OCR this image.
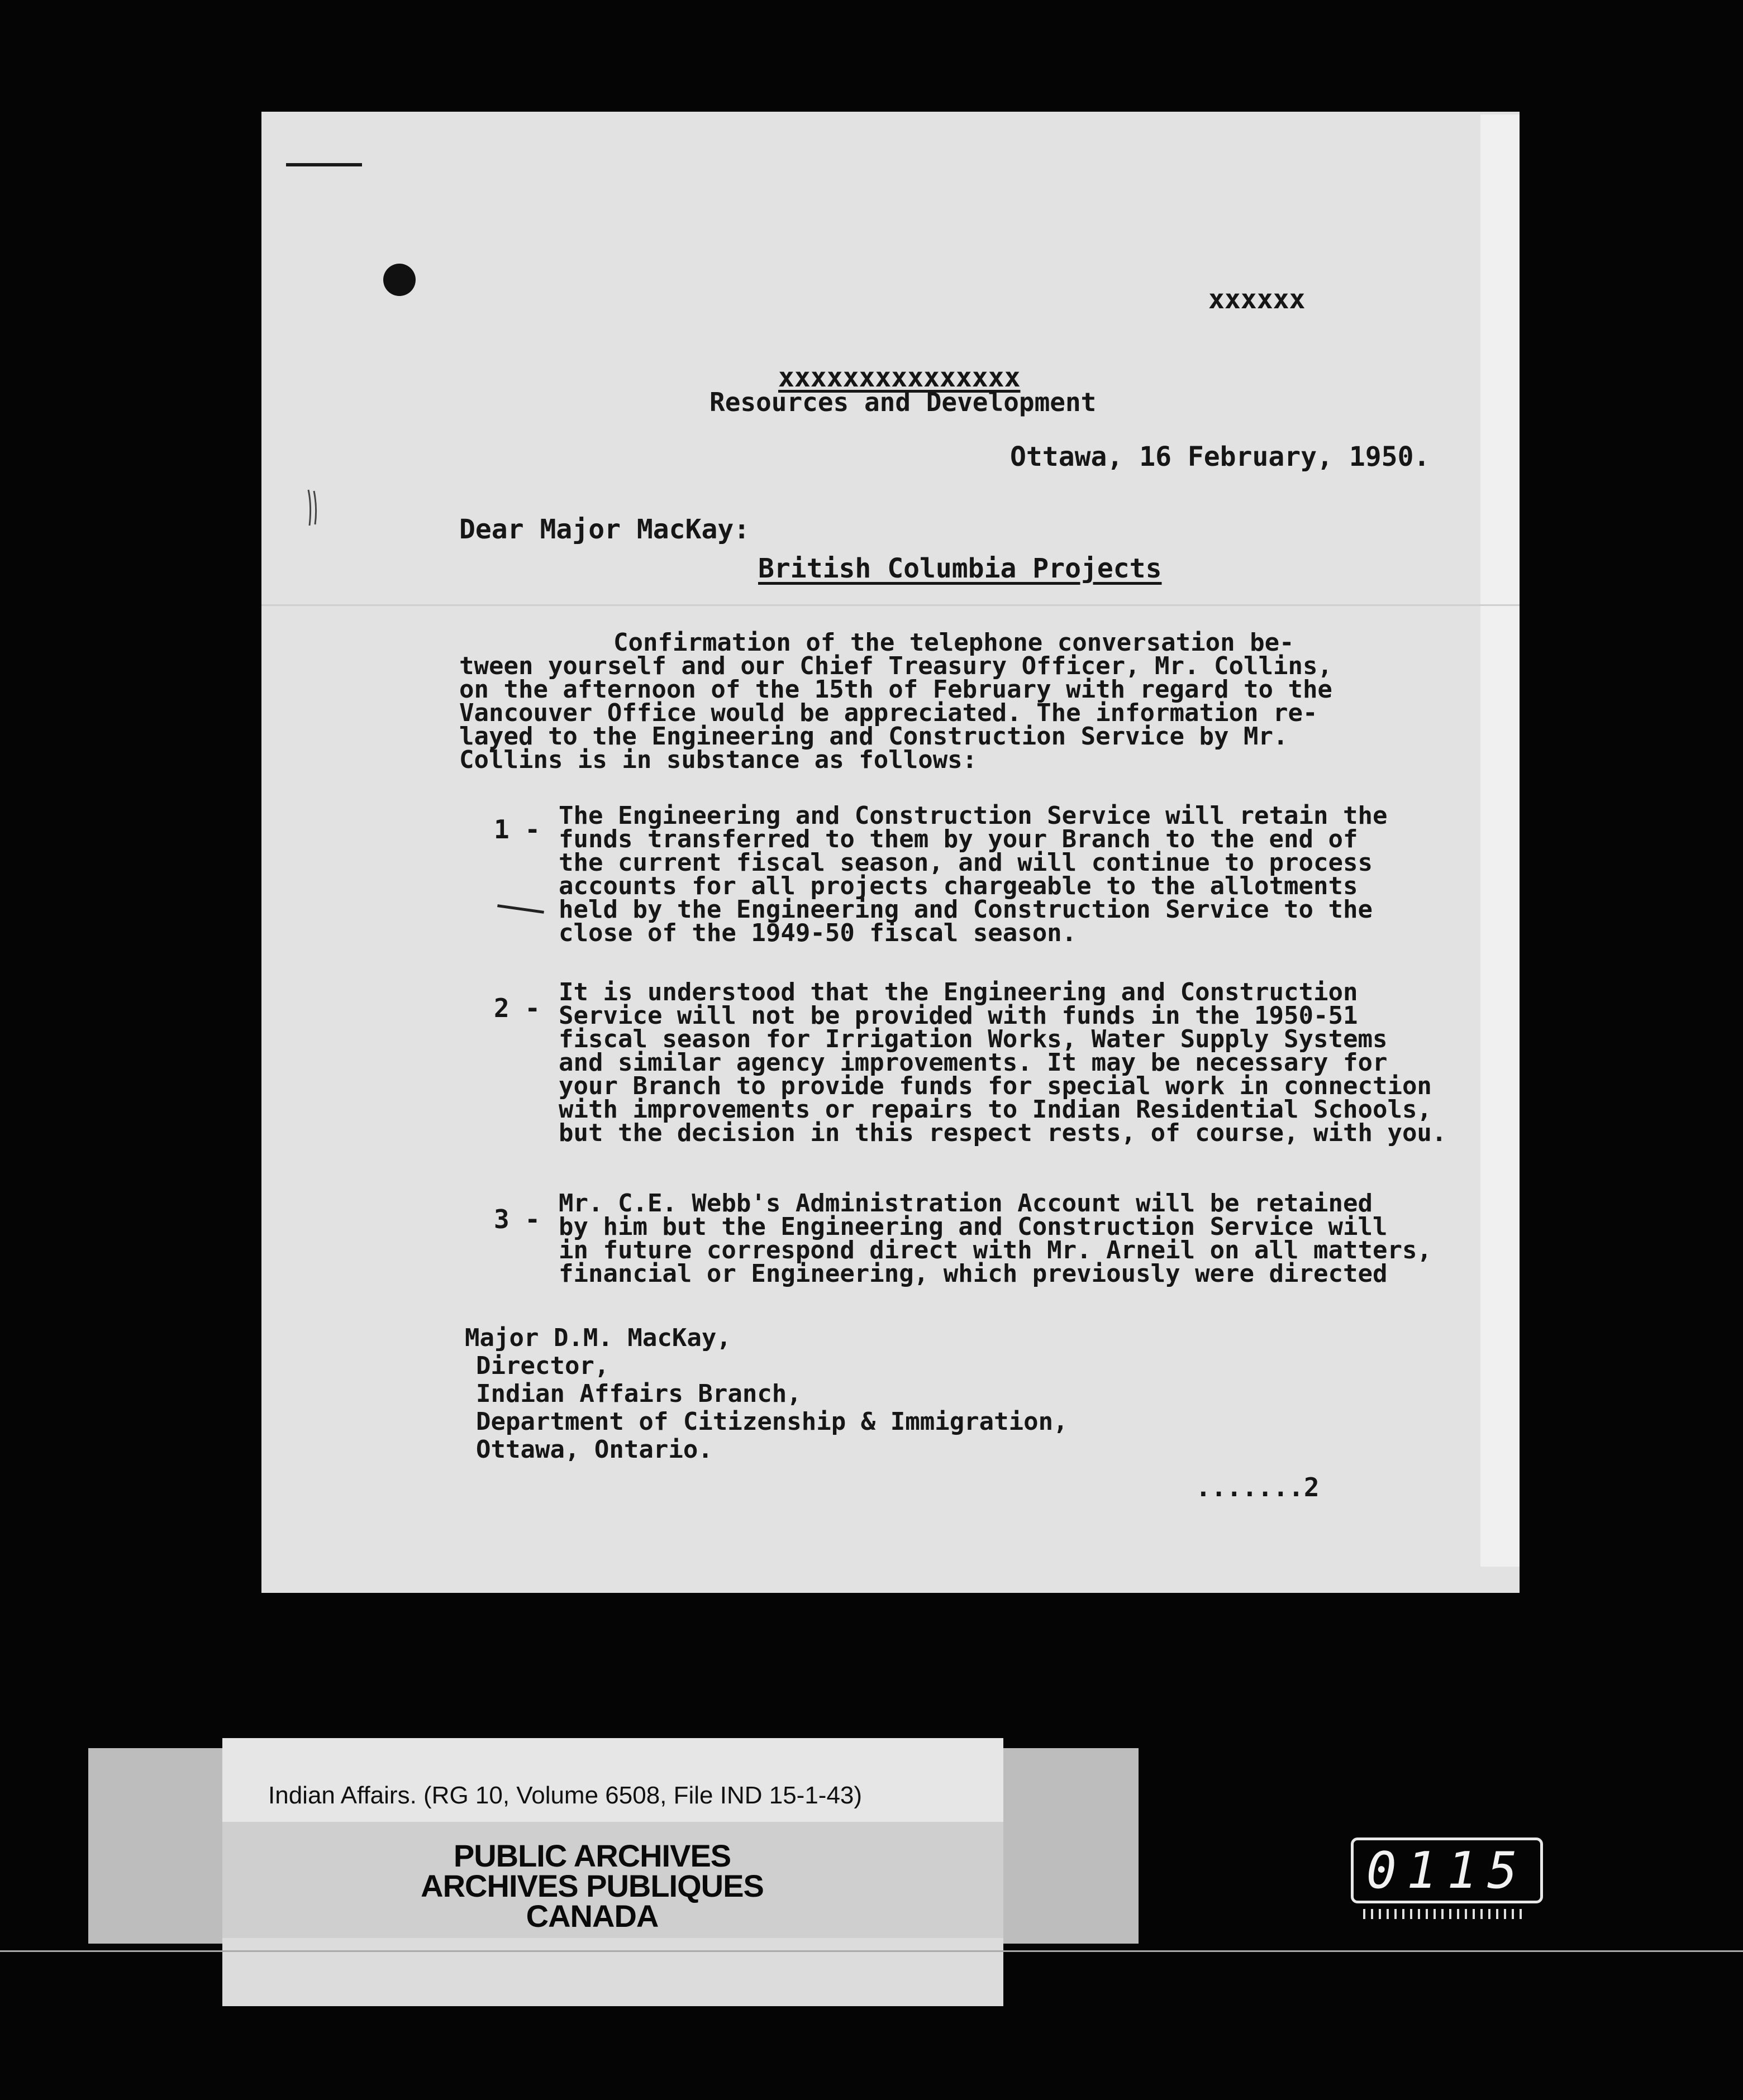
xxxxxx
xxxxxxxxxxxxxxx
Resources and Development
Ottawa, 16 February, 1950.
Dear Major MacKay:
British Columbia Projects
Confirmation of the telephone conversation be-
tween yourself and our Chief Treasury Officer, Mr. Collins,
on the afternoon of the 15th of February with regard to the
Vancouver Office would be appreciated. The information re-
layed to the Engineering and Construction Service by Mr.
Collins is in substance as follows:
1 - The Engineering and Construction Service will retain the
funds transferred to them by your Branch to the end of
the current fiscal season, and will continue to process
accounts for all projects chargeable to the allotments
held by the Engineering and Construction Service to the
close of the 1949-50 fiscal season.
2 -
It is understood that the Engineering and Construction
Service will not be provided with funds in the 1950-51
fiscal season for Irrigation Works, Water Supply Systems
and similar agency improvements. It may be necessary for
your Branch to provide funds for special work in connection
with improvements or repairs to Indian Residential Schools,
but the decision in this respect rests, of course, with you.
3 -
Mr. C.E. Webb's Administration Account will be retained
by him but the Engineering and Construction Service will
in future correspond direct with Mr. Arneil on all matters,
financial or Engineering, which previously were directed
Major D.M. MacKay,
Director,
Indian Affairs Branch,
Department of Citizenship & Immigration,
Ottawa, Ontario.
.......2
Indian Affairs. (RG 10, Volume 6508, File IND 15-1-43)
PUBLIC ARCHIVES
ARCHIVES PUBLIQUES
CANADA
0115
